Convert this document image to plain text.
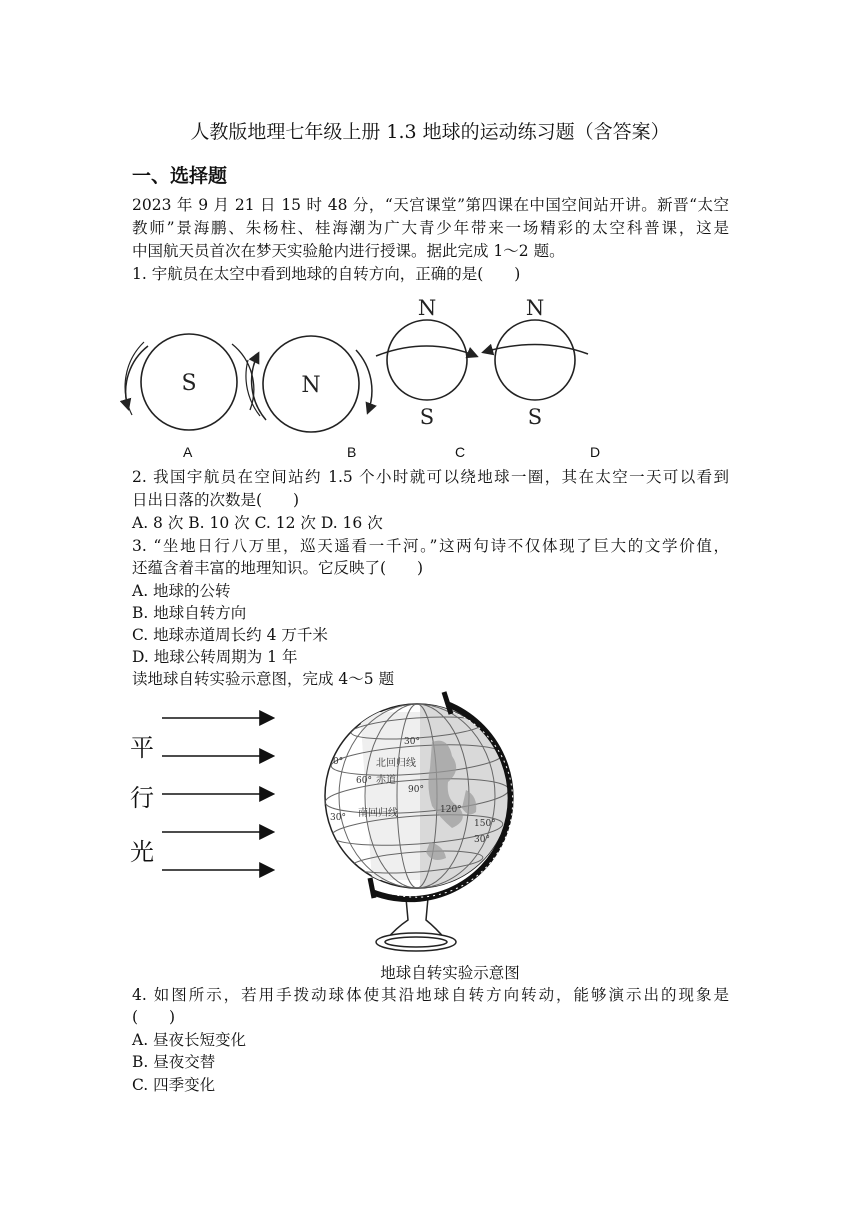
人教版地理七年级上册 1.3 地球的运动练习题（含答案）
一、选择题
2023 年 9 月 21 日 15 时 48 分，“天宫课堂”第四课在中国空间站开讲。新晋“太空
教师”景海鹏、朱杨柱、桂海潮为广大青少年带来一场精彩的太空科普课，这是
中国航天员首次在梦天实验舱内进行授课。据此完成 1～2 题。
1. 宇航员在太空中看到地球的自转方向，正确的是(　　)
S	N
N
S
N
S
A	B	C	D
2. 我国宇航员在空间站约 1.5 个小时就可以绕地球一圈，其在太空一天可以看到
日出日落的次数是(　　)
A. 8 次 B. 10 次 C. 12 次 D. 16 次
3. “坐地日行八万里，巡天遥看一千河。”这两句诗不仅体现了巨大的文学价值，
还蕴含着丰富的地理知识。它反映了(　　)
A. 地球的公转
B. 地球自转方向
C. 地球赤道周长约 4 万千米
D. 地球公转周期为 1 年
读地球自转实验示意图，完成 4～5 题
平
行
光
30°
北回归线
60° 赤道
90°
南回归线
30°
0°
120°
150°
30°
地球自转实验示意图
4. 如图所示，若用手拨动球体使其沿地球自转方向转动，能够演示出的现象是
(　　)
A. 昼夜长短变化
B. 昼夜交替
C. 四季变化
